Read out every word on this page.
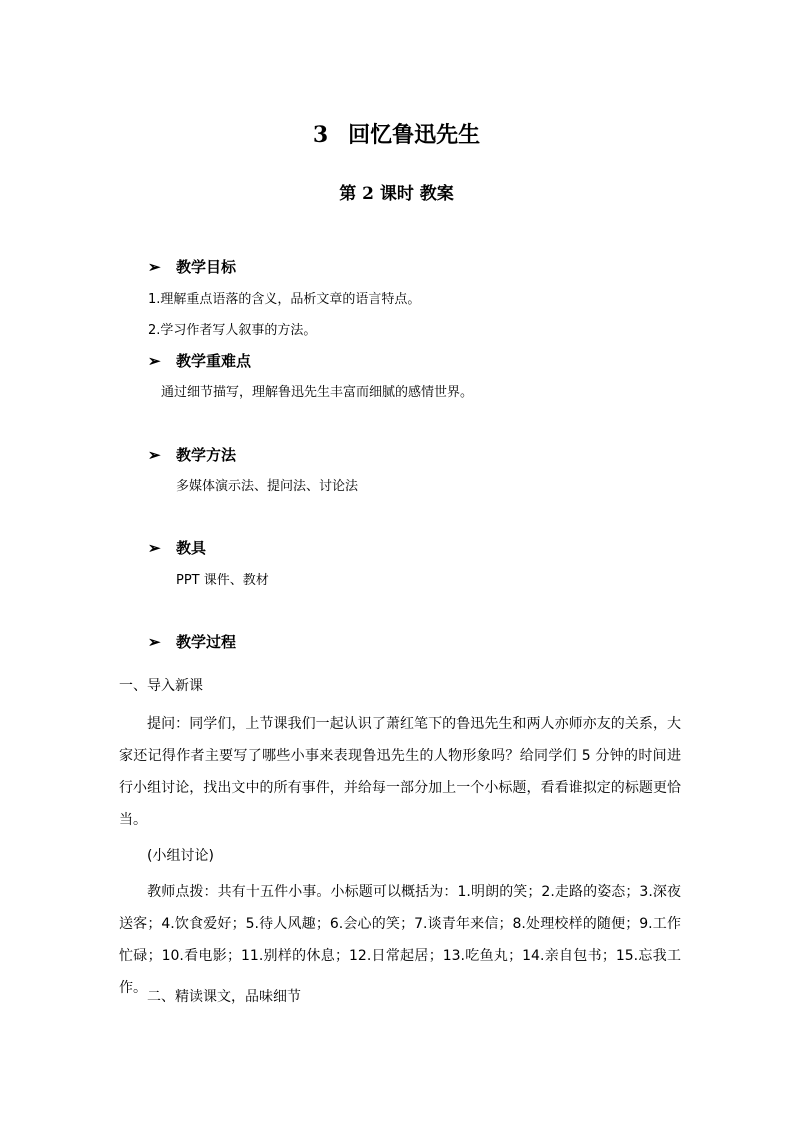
3 回忆鲁迅先生
第 2 课时 教案
➢ 教学目标
1.理解重点语落的含义，品析文章的语言特点。
2.学习作者写人叙事的方法。
➢ 教学重难点
通过细节描写，理解鲁迅先生丰富而细腻的感情世界。
➢ 教学方法
多媒体演示法、提问法、讨论法
➢ 教具
PPT 课件、教材
➢ 教学过程
一、导入新课
提问：同学们，上节课我们一起认识了萧红笔下的鲁迅先生和两人亦师亦友的关系，大家还记得作者主要写了哪些小事来表现鲁迅先生的人物形象吗？给同学们 5 分钟的时间进行小组讨论，找出文中的所有事件，并给每一部分加上一个小标题，看看谁拟定的标题更恰当。
(小组讨论)
教师点拨：共有十五件小事。小标题可以概括为：1.明朗的笑；2.走路的姿态；3.深夜送客；4.饮食爱好；5.待人风趣；6.会心的笑；7.谈青年来信；8.处理校样的随便；9.工作忙碌；10.看电影；11.别样的休息；12.日常起居；13.吃鱼丸；14.亲自包书；15.忘我工作。
二、精读课文，品味细节
